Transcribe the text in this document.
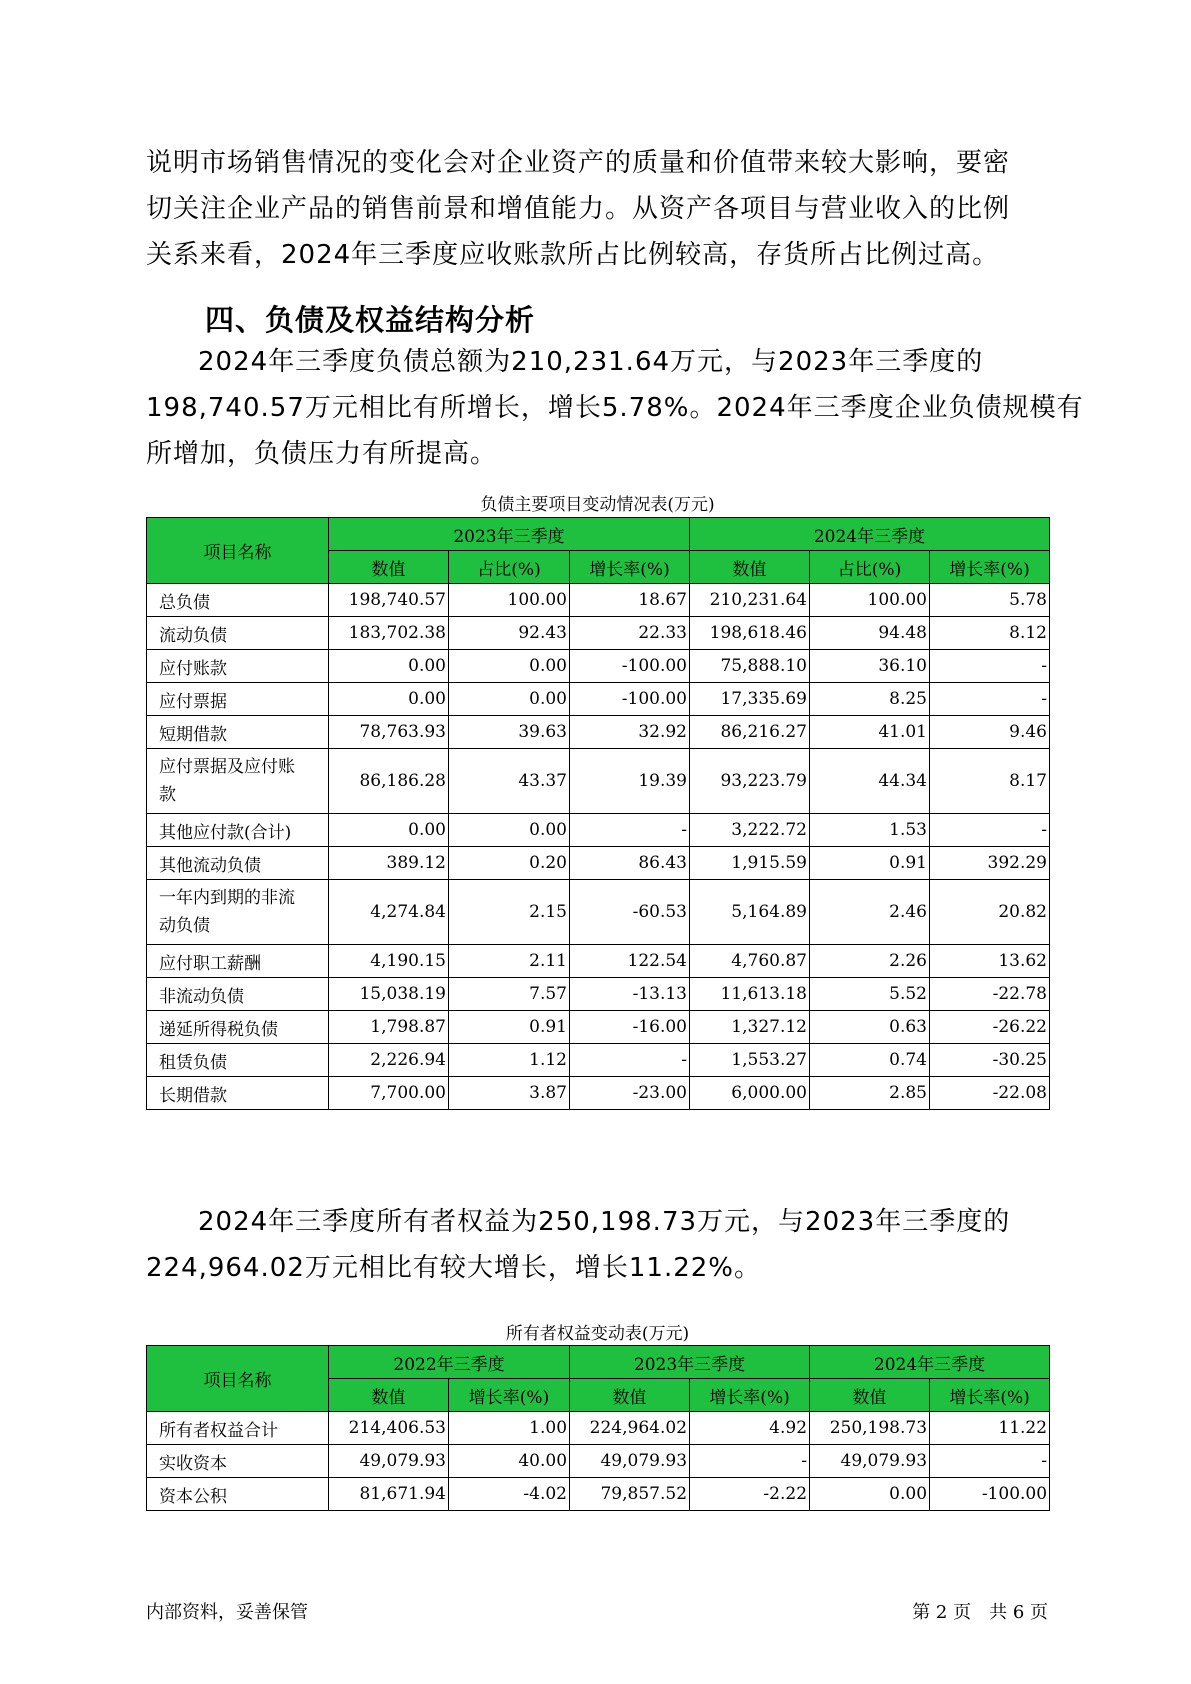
说明市场销售情况的变化会对企业资产的质量和价值带来较大影响，要密
切关注企业产品的销售前景和增值能力。从资产各项目与营业收入的比例
关系来看，2024年三季度应收账款所占比例较高，存货所占比例过高。
四、负债及权益结构分析
2024年三季度负债总额为210,231.64万元，与2023年三季度的
198,740.57万元相比有所增长，增长5.78%。2024年三季度企业负债规模有
所增加，负债压力有所提高。
负债主要项目变动情况表(万元)
项目名称	2023年三季度			2024年三季度		
	数值	占比(%)	增长率(%)	数值	占比(%)	增长率(%)
总负债	198,740.57	100.00	18.67	210,231.64	100.00	5.78
流动负债	183,702.38	92.43	22.33	198,618.46	94.48	8.12
应付账款	0.00	0.00	-100.00	75,888.10	36.10	-
应付票据	0.00	0.00	-100.00	17,335.69	8.25	-
短期借款	78,763.93	39.63	32.92	86,216.27	41.01	9.46
应付票据及应付账
款	86,186.28	43.37	19.39	93,223.79	44.34	8.17
其他应付款(合计)	0.00	0.00	-	3,222.72	1.53	-
其他流动负债	389.12	0.20	86.43	1,915.59	0.91	392.29
一年内到期的非流
动负债	4,274.84	2.15	-60.53	5,164.89	2.46	20.82
应付职工薪酬	4,190.15	2.11	122.54	4,760.87	2.26	13.62
非流动负债	15,038.19	7.57	-13.13	11,613.18	5.52	-22.78
递延所得税负债	1,798.87	0.91	-16.00	1,327.12	0.63	-26.22
租赁负债	2,226.94	1.12	-	1,553.27	0.74	-30.25
长期借款	7,700.00	3.87	-23.00	6,000.00	2.85	-22.08
2024年三季度所有者权益为250,198.73万元，与2023年三季度的
224,964.02万元相比有较大增长，增长11.22%。
所有者权益变动表(万元)
项目名称	2022年三季度		2023年三季度		2024年三季度	
	数值	增长率(%)	数值	增长率(%)	数值	增长率(%)
所有者权益合计	214,406.53	1.00	224,964.02	4.92	250,198.73	11.22
实收资本	49,079.93	40.00	49,079.93	-	49,079.93	-
资本公积	81,671.94	-4.02	79,857.52	-2.22	0.00	-100.00
内部资料，妥善保管	第 2 页　共 6 页
